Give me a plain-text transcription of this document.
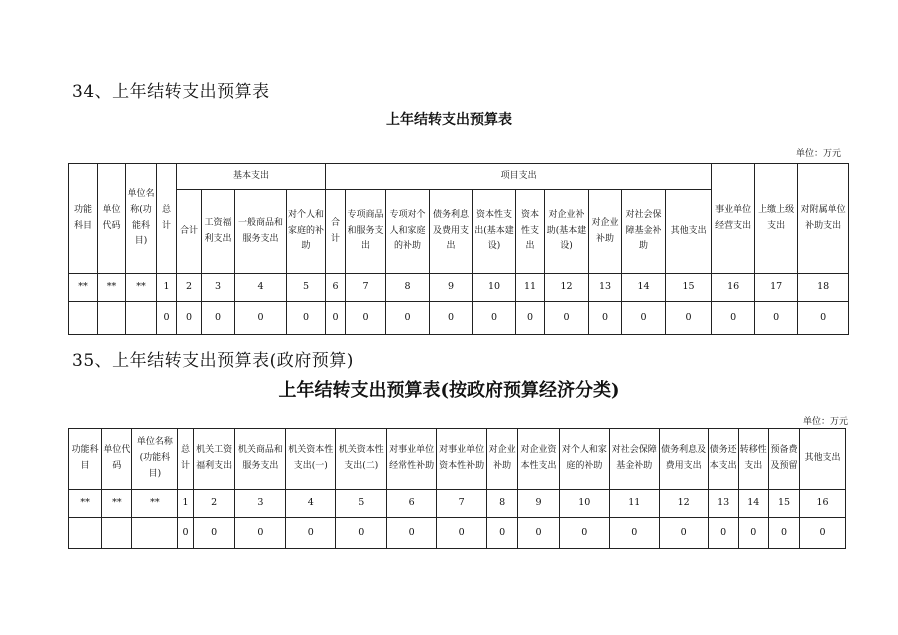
34、上年结转支出预算表
上年结转支出预算表
单位：万元
功能科目	单位代码	单位名称(功能科目)	总计	基本支出				项目支出										事业单位经营支出	上缴上级支出	对附属单位补助支出
				合计	工资福利支出	一般商品和服务支出	对个人和家庭的补助	合计	专项商品和服务支出	专项对个人和家庭的补助	债务利息及费用支出	资本性支出(基本建设)	资本性支出	对企业补助(基本建设)	对企业补助	对社会保障基金补助	其他支出			
**	**	**	1	2	3	4	5	6	7	8	9	10	11	12	13	14	15	16	17	18
			0	0	0	0	0	0	0	0	0	0	0	0	0	0	0	0	0	0
35、上年结转支出预算表(政府预算)
上年结转支出预算表(按政府预算经济分类)
单位：万元
功能科目	单位代码	单位名称(功能科目)	总计	机关工资福利支出	机关商品和服务支出	机关资本性支出(一)	机关资本性支出(二)	对事业单位经常性补助	对事业单位资本性补助	对企业补助	对企业资本性支出	对个人和家庭的补助	对社会保障基金补助	债务利息及费用支出	债务还本支出	转移性支出	预备费及预留	其他支出
**	**	**	1	2	3	4	5	6	7	8	9	10	11	12	13	14	15	16
			0	0	0	0	0	0	0	0	0	0	0	0	0	0	0	0
